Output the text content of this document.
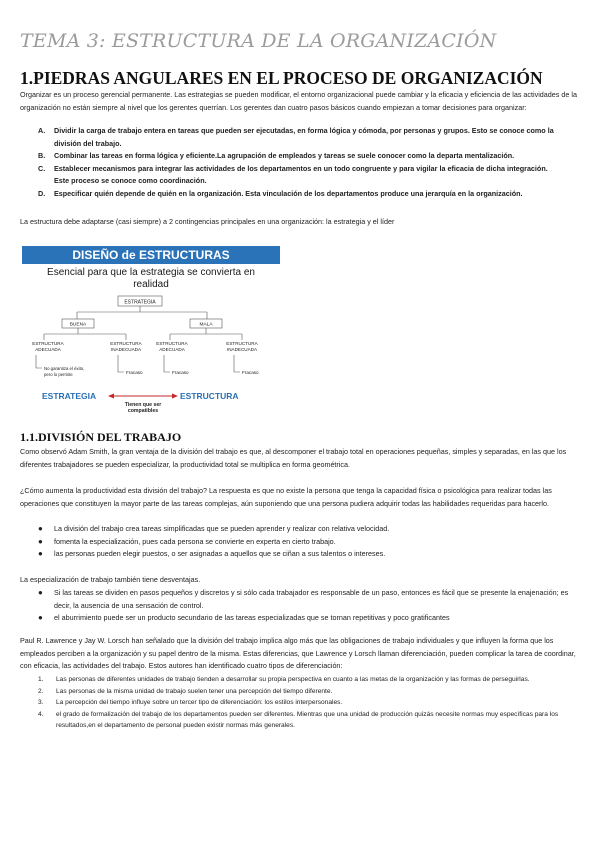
TEMA 3: ESTRUCTURA DE LA ORGANIZACIÓN
1.PIEDRAS ANGULARES EN EL PROCESO DE ORGANIZACIÓN
Organizar es un proceso gerencial permanente. Las estrategias se pueden modificar, el entorno organizacional puede cambiar y la eficacia y eficiencia de las actividades de la organización no están siempre al nivel que los gerentes querrían. Los gerentes dan cuatro pasos básicos cuando empiezan a tomar decisiones para organizar:
A. Dividir la carga de trabajo entera en tareas que pueden ser ejecutadas, en forma lógica y cómoda, por personas y grupos. Esto se conoce como la división del trabajo.
B. Combinar las tareas en forma lógica y eficiente.La agrupación de empleados y tareas se suele conocer como la departa mentalización.
C. Establecer mecanismos para integrar las actividades de los departamentos en un todo congruente y para vigilar la eficacia de dicha integración. Este proceso se conoce como coordinación.
D. Especificar quién depende de quién en la organización. Esta vinculación de los departamentos produce una jerarquía en la organización.
La estructura debe adaptarse (casi siempre) a 2 contingencias principales en una organización: la estrategia y el líder
DISEÑO de ESTRUCTURAS
Esencial para que la estrategia se convierta en
realidad
ESTRATEGIA
BUENA	MALA
ESTRUCTURA
ADECUADA
ESTRUCTURA
INADECUADA
ESTRUCTURA
ADECUADA
ESTRUCTURA
INADECUADA
No garantiza el éxito,
pero lo permite	Fracaso	Fracaso	Fracaso
ESTRATEGIA	ESTRUCTURA
Tienen que ser
compatibles
1.1.DIVISIÓN DEL TRABAJO
Como observó Adam Smith, la gran ventaja de la división del trabajo es que, al descomponer el trabajo total en operaciones pequeñas, simples y separadas, en las que los diferentes trabajadores se pueden especializar, la productividad total se multiplica en forma geométrica.
¿Cómo aumenta la productividad esta división del trabajo? La respuesta es que no existe la persona que tenga la capacidad física o psicológica para realizar todas las operaciones que constituyen la mayor parte de las tareas complejas, aún suponiendo que una persona pudiera adquirir todas las habilidades requeridas para hacerlo.
● La división del trabajo crea tareas simplificadas que se pueden aprender y realizar con relativa velocidad.
● fomenta la especialización, pues cada persona se convierte en experta en cierto trabajo.
● las personas pueden elegir puestos, o ser asignadas a aquellos que se ciñan a sus talentos o intereses.
La especialización de trabajo también tiene desventajas.
● Si las tareas se dividen en pasos pequeños y discretos y si sólo cada trabajador es responsable de un paso, entonces es fácil que se presente la enajenación; es decir, la ausencia de una sensación de control.
● el aburrimiento puede ser un producto secundario de las tareas especializadas que se tornan repetitivas y poco gratificantes
Paul R. Lawrence y Jay W. Lorsch han señalado que la división del trabajo implica algo más que las obligaciones de trabajo individuales y que influyen la forma que los empleados perciben a la organización y su papel dentro de la misma. Estas diferencias, que Lawrence y Lorsch llaman diferenciación, pueden complicar la tarea de coordinar, con eficacia, las actividades del trabajo. Estos autores han identificado cuatro tipos de diferenciación:
1. Las personas de diferentes unidades de trabajo tienden a desarrollar su propia perspectiva en cuanto a las metas de la organización y las formas de perseguirlas.
2. Las personas de la misma unidad de trabajo suelen tener una percepción del tiempo diferente.
3. La percepción del tiempo influye sobre un tercer tipo de diferenciación: los estilos interpersonales.
4. el grado de formalización del trabajo de los departamentos pueden ser diferentes. Mientras que una unidad de producción quizás necesite normas muy específicas para los resultados,en el departamento de personal pueden existir normas más generales.
